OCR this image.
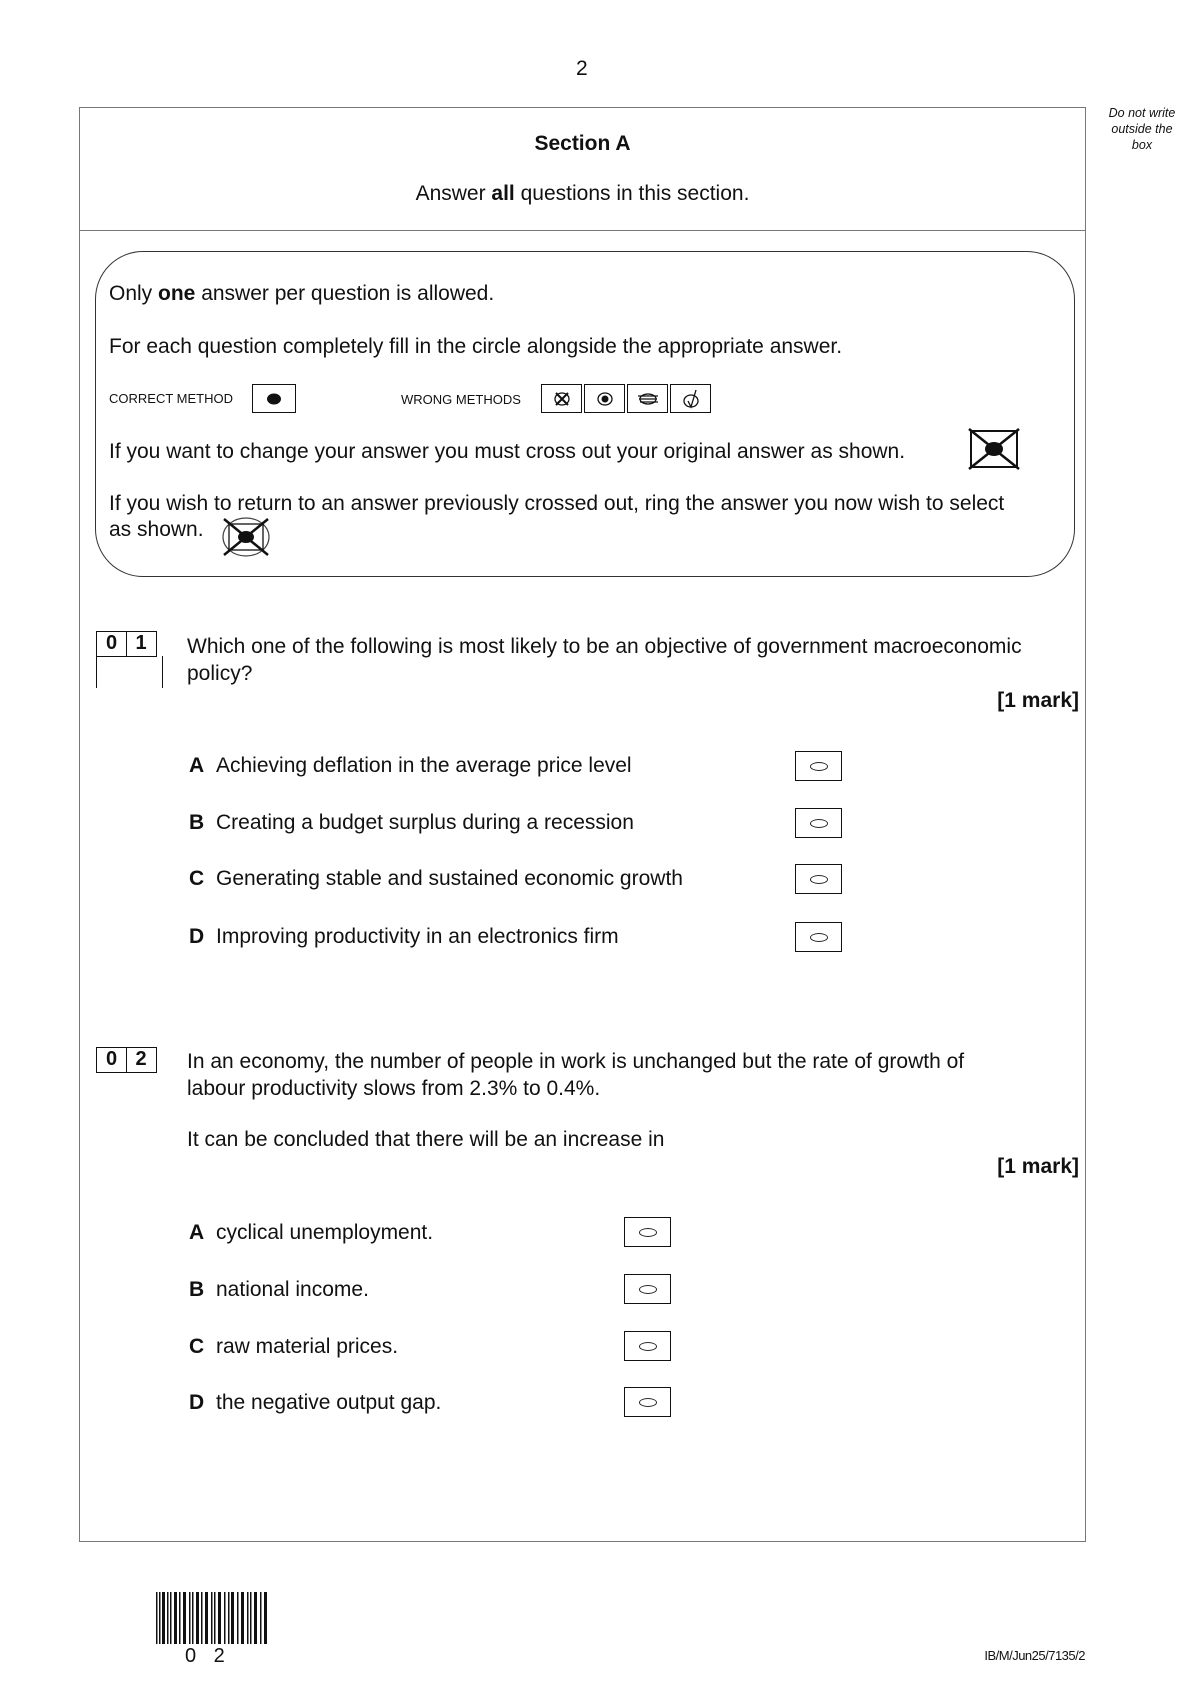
2
Do not write
outside the
box
Section A
Answer all questions in this section.
Only one answer per question is allowed.
For each question completely fill in the circle alongside the appropriate answer.
CORRECT METHOD	WRONG METHODS
If you want to change your answer you must cross out your original answer as shown.
If you wish to return to an answer previously crossed out, ring the answer you now wish to select
as shown.
0 1	Which one of the following is most likely to be an objective of government macroeconomic
policy?
[1 mark]
A Achieving deflation in the average price level
B Creating a budget surplus during a recession
C Generating stable and sustained economic growth
D Improving productivity in an electronics firm
0 2	In an economy, the number of people in work is unchanged but the rate of growth of
labour productivity slows from 2.3% to 0.4%.
It can be concluded that there will be an increase in
[1 mark]
A cyclical unemployment.
B national income.
C raw material prices.
D the negative output gap.
0 2	IB/M/Jun25/7135/2
